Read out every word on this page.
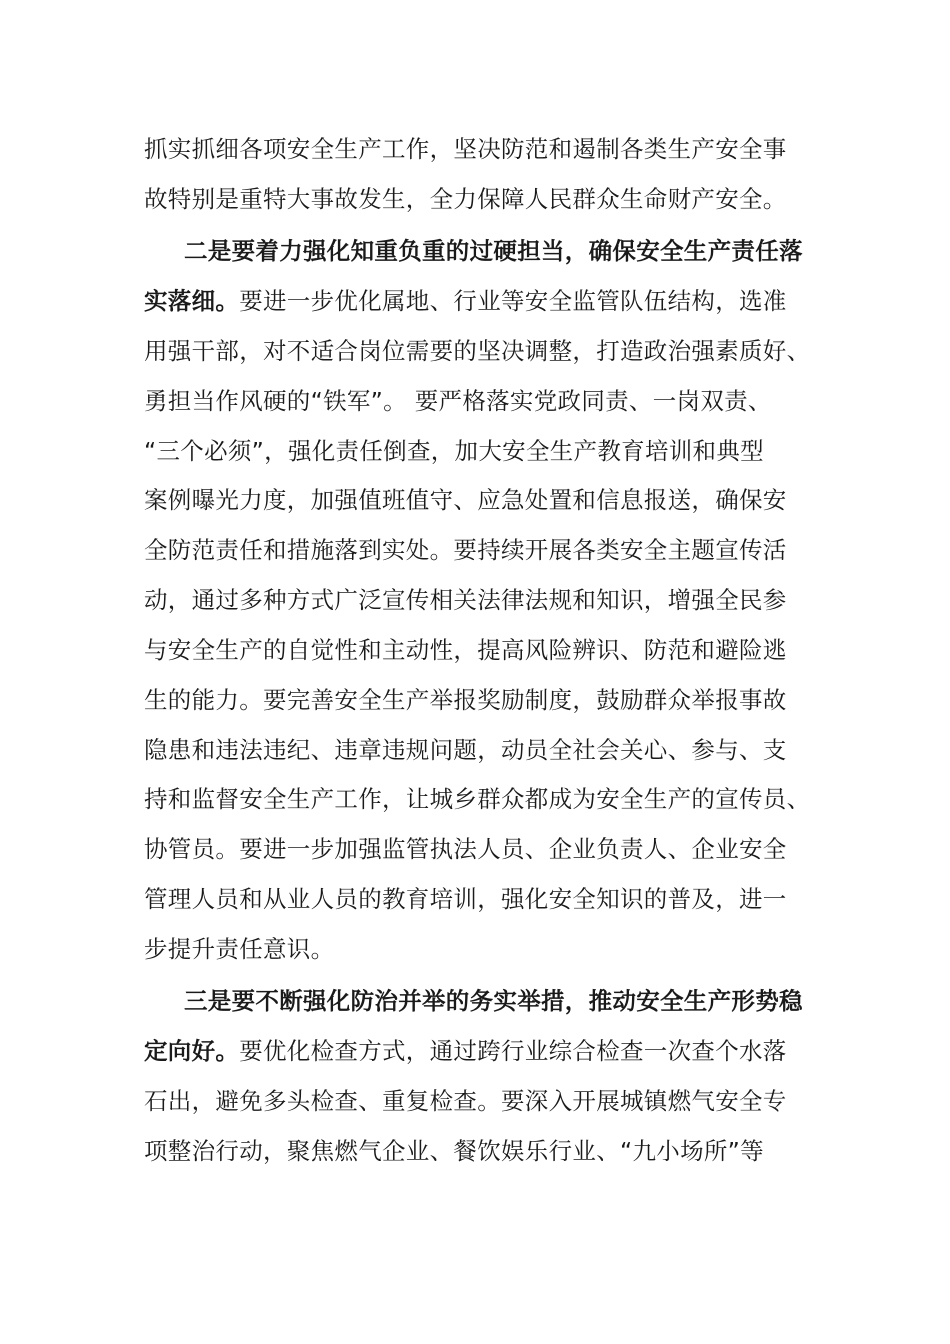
抓实抓细各项安全生产工作，坚决防范和遏制各类生产安全事
故特别是重特大事故发生，全力保障人民群众生命财产安全。
二是要着力强化知重负重的过硬担当，确保安全生产责任落
实落细。要进一步优化属地、行业等安全监管队伍结构，选准
用强干部，对不适合岗位需要的坚决调整，打造政治强素质好、
勇担当作风硬的“铁军”。 要严格落实党政同责、一岗双责、
“三个必须”，强化责任倒查，加大安全生产教育培训和典型
案例曝光力度，加强值班值守、应急处置和信息报送，确保安
全防范责任和措施落到实处。要持续开展各类安全主题宣传活
动，通过多种方式广泛宣传相关法律法规和知识，增强全民参
与安全生产的自觉性和主动性，提高风险辨识、防范和避险逃
生的能力。要完善安全生产举报奖励制度，鼓励群众举报事故
隐患和违法违纪、违章违规问题，动员全社会关心、参与、支
持和监督安全生产工作，让城乡群众都成为安全生产的宣传员、
协管员。要进一步加强监管执法人员、企业负责人、企业安全
管理人员和从业人员的教育培训，强化安全知识的普及，进一
步提升责任意识。
三是要不断强化防治并举的务实举措，推动安全生产形势稳
定向好。要优化检查方式，通过跨行业综合检查一次查个水落
石出，避免多头检查、重复检查。要深入开展城镇燃气安全专
项整治行动，聚焦燃气企业、餐饮娱乐行业、“九小场所”等
